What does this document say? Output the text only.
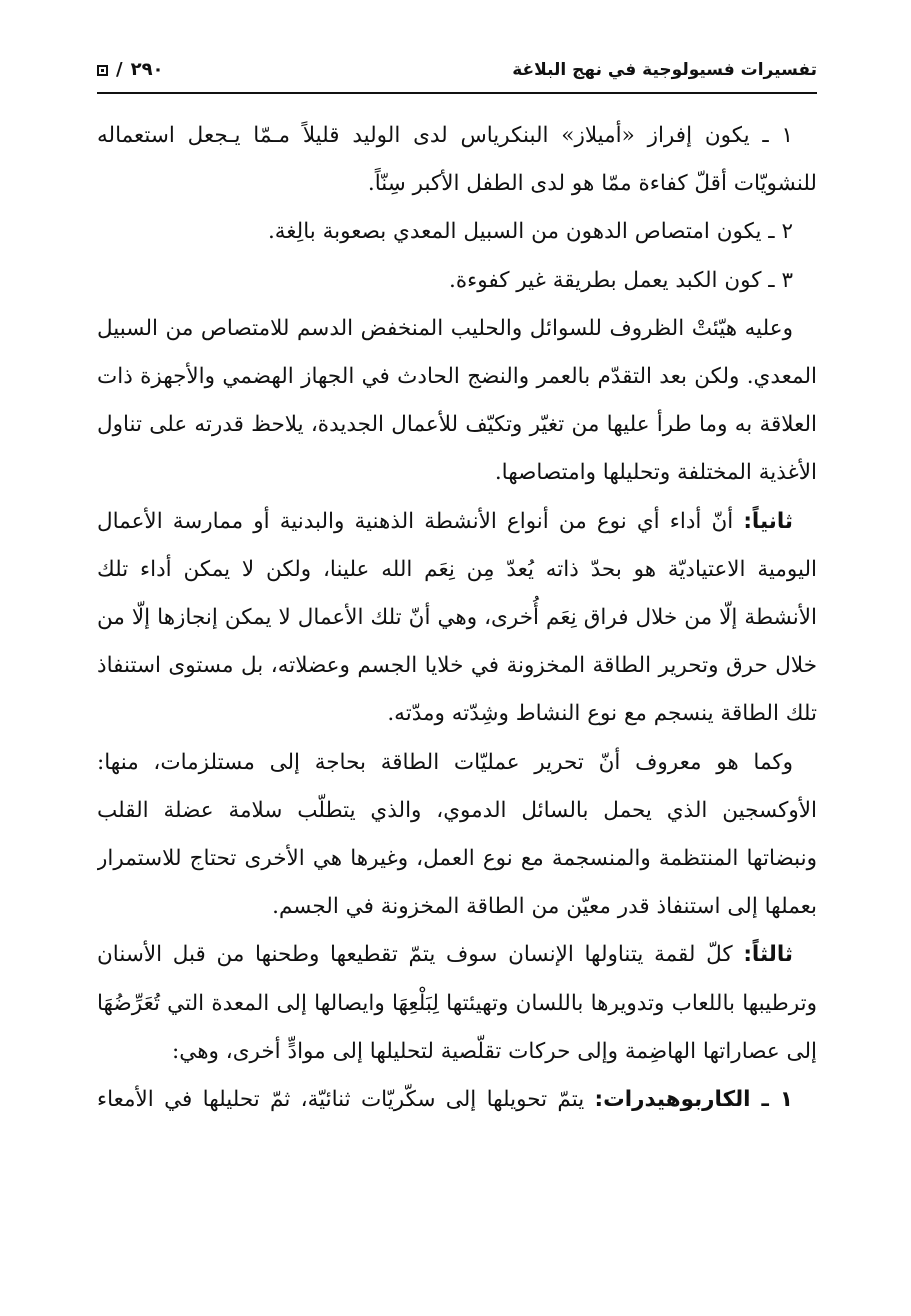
تفسيرات فسيولوجية في نهج البلاغة
٢٩٠
/

١ ـ يكون إفراز «أميلاز» البنكرياس لدى الوليد قليلاً مـمّا يـجعل استعماله للنشويّات أقلّ كفاءة ممّا هو لدى الطفل الأكبر سِنّاً.

٢ ـ يكون امتصاص الدهون من السبيل المعدي بصعوبة بالِغة.

٣ ـ كون الكبد يعمل بطريقة غير كفوءة.

وعليه هيّئتْ الظروف للسوائل والحليب المنخفض الدسم للامتصاص من السبيل المعدي. ولكن بعد التقدّم بالعمر والنضج الحادث في الجهاز الهضمي والأجهزة ذات العلاقة به وما طرأ عليها من تغيّر وتكيّف للأعمال الجديدة، يلاحظ قدرته على تناول الأغذية المختلفة وتحليلها وامتصاصها.

ثانياً: أنّ أداء أي نوع من أنواع الأنشطة الذهنية والبدنية أو ممارسة الأعمال اليومية الاعتياديّة هو بحدّ ذاته يُعدّ مِن نِعَم الله علينا، ولكن لا يمكن أداء تلك الأنشطة إلّا من خلال فراق نِعَم أُخرى، وهي أنّ تلك الأعمال لا يمكن إنجازها إلّا من خلال حرق وتحرير الطاقة المخزونة في خلايا الجسم وعضلاته، بل مستوى استنفاذ تلك الطاقة ينسجم مع نوع النشاط وشِدّته ومدّته.

وكما هو معروف أنّ تحرير عمليّات الطاقة بحاجة إلى مستلزمات، منها: الأوكسجين الذي يحمل بالسائل الدموي، والذي يتطلّب سلامة عضلة القلب ونبضاتها المنتظمة والمنسجمة مع نوع العمل، وغيرها هي الأخرى تحتاج للاستمرار بعملها إلى استنفاذ قدر معيّن من الطاقة المخزونة في الجسم.

ثالثاً: كلّ لقمة يتناولها الإنسان سوف يتمّ تقطيعها وطحنها من قبل الأسنان وترطيبها باللعاب وتدويرها باللسان وتهيئتها لِبَلْعِهَا وايصالها إلى المعدة التي تُعَرِّضُهَا إلى عصاراتها الهاضِمة وإلى حركات تقلّصية لتحليلها إلى موادٍّ أخرى، وهي:

١ ـ الكاربوهيدرات: يتمّ تحويلها إلى سكّريّات ثنائيّة، ثمّ تحليلها في الأمعاء
